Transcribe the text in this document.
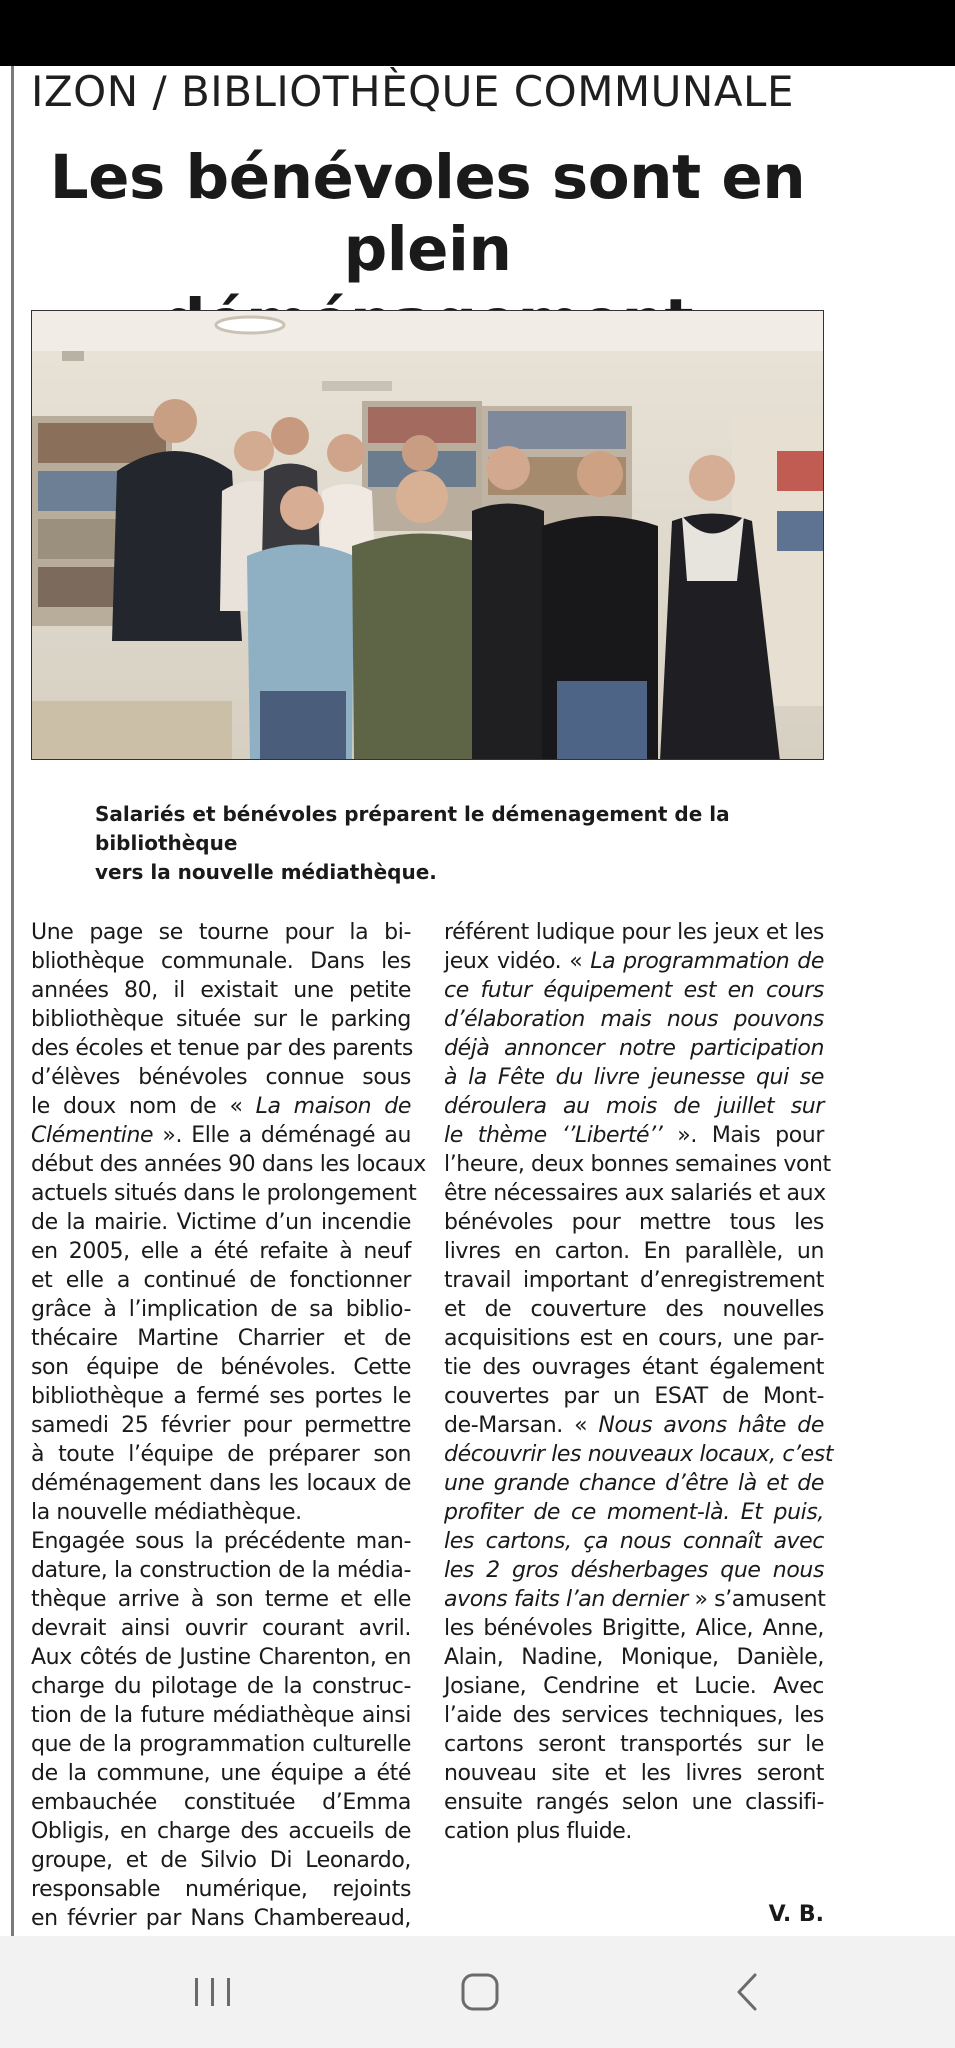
IZON / BIBLIOTHÈQUE COMMUNALE
Les bénévoles sont en plein
Salariés et bénévoles préparent le démenagement de la bibliothèque
vers la nouvelle médiathèque.

Une page se tourne pour la bi-

bliothèque communale. Dans les

années 80, il existait une petite

bibliothèque située sur le parking

des écoles et tenue par des parents

d’élèves bénévoles connue sous

le doux nom de « La maison de

Clémentine ». Elle a déménagé au

début des années 90 dans les locaux

actuels situés dans le prolongement

de la mairie. Victime d’un incendie

en 2005, elle a été refaite à neuf

et elle a continué de fonctionner

grâce à l’implication de sa biblio-

thécaire Martine Charrier et de

son équipe de bénévoles. Cette

bibliothèque a fermé ses portes le

samedi 25 février pour permettre

à toute l’équipe de préparer son

déménagement dans les locaux de

la nouvelle médiathèque.

Engagée sous la précédente man-

dature, la construction de la média-

thèque arrive à son terme et elle

devrait ainsi ouvrir courant avril.

Aux côtés de Justine Charenton, en

charge du pilotage de la construc-

tion de la future médiathèque ainsi

que de la programmation culturelle

de la commune, une équipe a été

embauchée constituée d’Emma

Obligis, en charge des accueils de

groupe, et de Silvio Di Leonardo,

responsable numérique, rejoints

en février par Nans Chambereaud,

référent ludique pour les jeux et les

jeux vidéo. « La programmation de

ce futur équipement est en cours

d’élaboration mais nous pouvons

déjà annoncer notre participation

à la Fête du livre jeunesse qui se

déroulera au mois de juillet sur

le thème ‘’Liberté’’ ». Mais pour

l’heure, deux bonnes semaines vont

être nécessaires aux salariés et aux

bénévoles pour mettre tous les

livres en carton. En parallèle, un

travail important d’enregistrement

et de couverture des nouvelles

acquisitions est en cours, une par-

tie des ouvrages étant également

couvertes par un ESAT de Mont-

de-Marsan. « Nous avons hâte de

découvrir les nouveaux locaux, c’est

une grande chance d’être là et de

profiter de ce moment-là. Et puis,

les cartons, ça nous connaît avec

les 2 gros désherbages que nous

avons faits l’an dernier » s’amusent

les bénévoles Brigitte, Alice, Anne,

Alain, Nadine, Monique, Danièle,

Josiane, Cendrine et Lucie. Avec

l’aide des services techniques, les

cartons seront transportés sur le

nouveau site et les livres seront

ensuite rangés selon une classifi-

cation plus fluide.

V. B.
